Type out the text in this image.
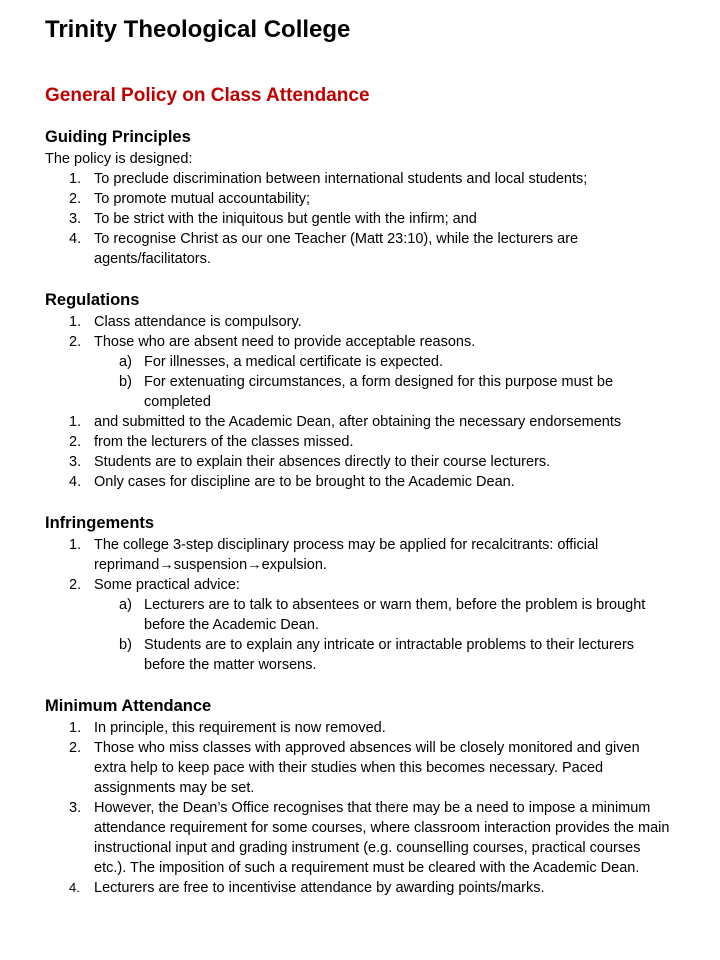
Trinity Theological College
General Policy on Class Attendance
Guiding Principles

The policy is designed:

1. To preclude discrimination between international students and local students;
2. To promote mutual accountability;
3. To be strict with the iniquitous but gentle with the infirm; and
4. To recognise Christ as our one Teacher (Matt 23:10), while the lecturers are agents/facilitators.
Regulations
1. Class attendance is compulsory.
2. Those who are absent need to provide acceptable reasons.
a) For illnesses, a medical certificate is expected.
b) For extenuating circumstances, a form designed for this purpose must be completed
1. and submitted to the Academic Dean, after obtaining the necessary endorsements
2. from the lecturers of the classes missed.
3. Students are to explain their absences directly to their course lecturers.
4. Only cases for discipline are to be brought to the Academic Dean.
Infringements
1. The college 3-step disciplinary process may be applied for recalcitrants: official reprimand→suspension→expulsion.
2. Some practical advice:
a) Lecturers are to talk to absentees or warn them, before the problem is brought before the Academic Dean.
b) Students are to explain any intricate or intractable problems to their lecturers before the matter worsens.
Minimum Attendance
1. In principle, this requirement is now removed.
2. Those who miss classes with approved absences will be closely monitored and given extra help to keep pace with their studies when this becomes necessary. Paced assignments may be set.
3. However, the Dean’s Office recognises that there may be a need to impose a minimum attendance requirement for some courses, where classroom interaction provides the main instructional input and grading instrument (e.g. counselling courses, practical courses etc.). The imposition of such a requirement must be cleared with the Academic Dean.
4. Lecturers are free to incentivise attendance by awarding points/marks.
